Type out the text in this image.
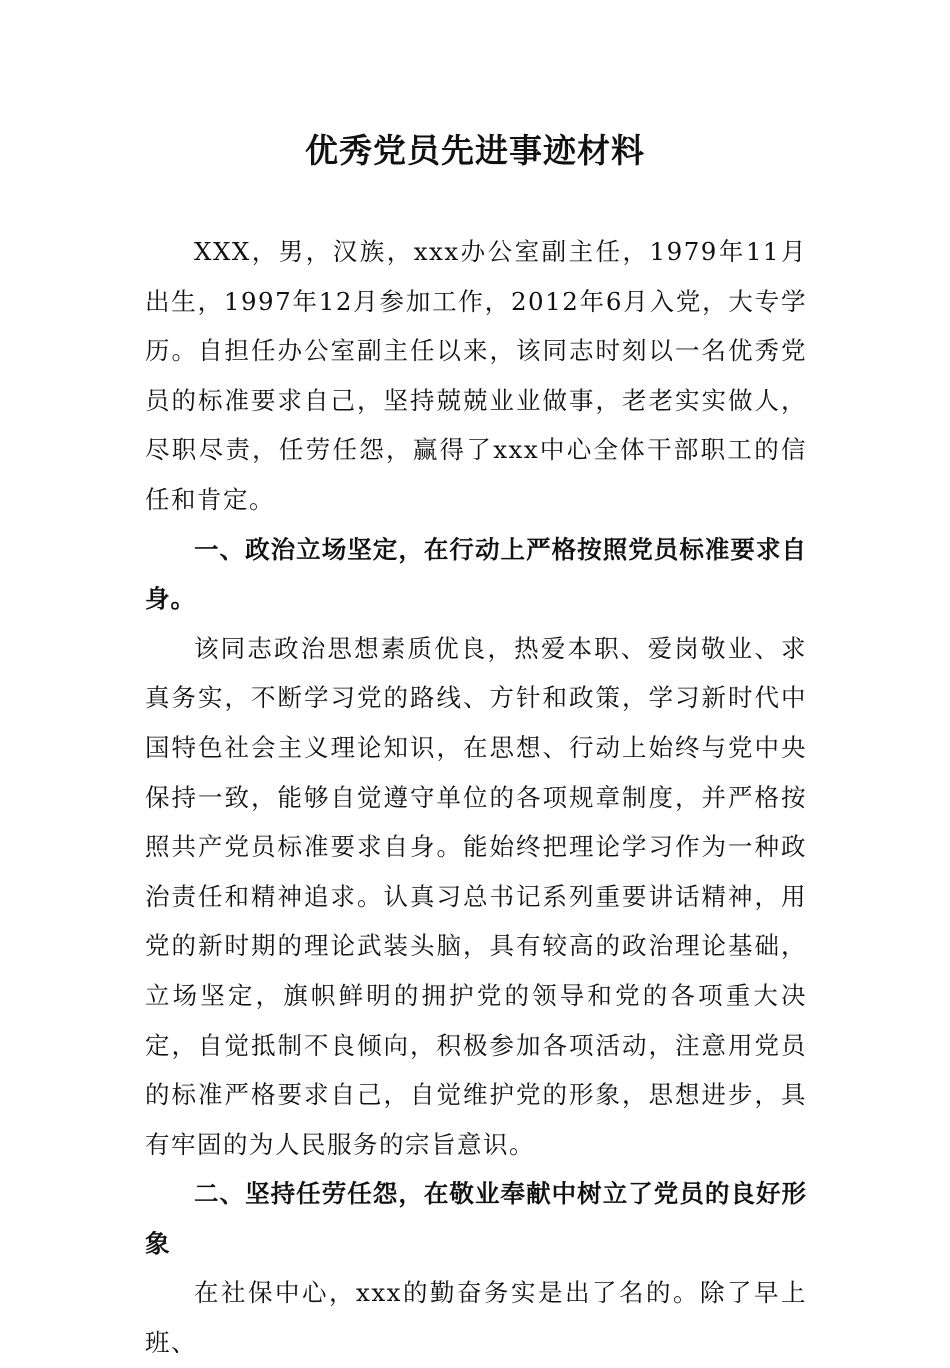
优秀党员先进事迹材料

XXX，男，汉族，xxx办公室副主任，1979年11月出生，1997年12月参加工作，2012年6月入党，大专学历。自担任办公室副主任以来，该同志时刻以一名优秀党员的标准要求自己，坚持兢兢业业做事，老老实实做人，尽职尽责，任劳任怨，赢得了xxx中心全体干部职工的信任和肯定。

一、政治立场坚定，在行动上严格按照党员标准要求自身。

该同志政治思想素质优良，热爱本职、爱岗敬业、求真务实，不断学习党的路线、方针和政策，学习新时代中国特色社会主义理论知识，在思想、行动上始终与党中央保持一致，能够自觉遵守单位的各项规章制度，并严格按照共产党员标准要求自身。能始终把理论学习作为一种政治责任和精神追求。认真习总书记系列重要讲话精神，用党的新时期的理论武装头脑，具有较高的政治理论基础，立场坚定，旗帜鲜明的拥护党的领导和党的各项重大决定，自觉抵制不良倾向，积极参加各项活动，注意用党员的标准严格要求自己，自觉维护党的形象，思想进步，具有牢固的为人民服务的宗旨意识。

二、坚持任劳任怨，在敬业奉献中树立了党员的良好形象

在社保中心，xxx的勤奋务实是出了名的。除了早上班、
